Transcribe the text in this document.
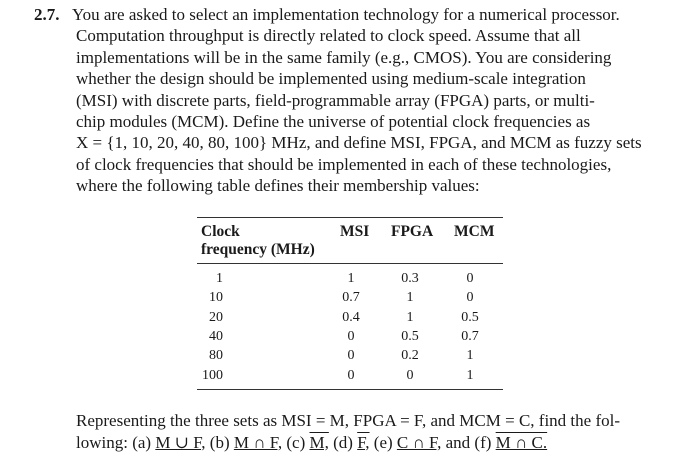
2.7. You are asked to select an implementation technology for a numerical processor.
Computation throughput is directly related to clock speed. Assume that all
implementations will be in the same family (e.g., CMOS). You are considering
whether the design should be implemented using medium-scale integration
(MSI) with discrete parts, field-programmable array (FPGA) parts, or multi-
chip modules (MCM). Define the universe of potential clock frequencies as
X = {1, 10, 20, 40, 80, 100} MHz, and define MSI, FPGA, and MCM as fuzzy sets
of clock frequencies that should be implemented in each of these technologies,
where the following table defines their membership values:
Clock
frequency (MHz)
MSI FPGA MCM
1	1	0.3	0
10	0.7	1	0
20	0.4	1	0.5
40	0	0.5	0.7
80	0	0.2	1
100	0	0	1
Representing the three sets as MSI = M, FPGA = F, and MCM = C, find the fol-
lowing: (a) M ∪ F, (b) M ∩ F, (c) M, (d) F, (e) C ∩ F, and (f) M ∩ C.
